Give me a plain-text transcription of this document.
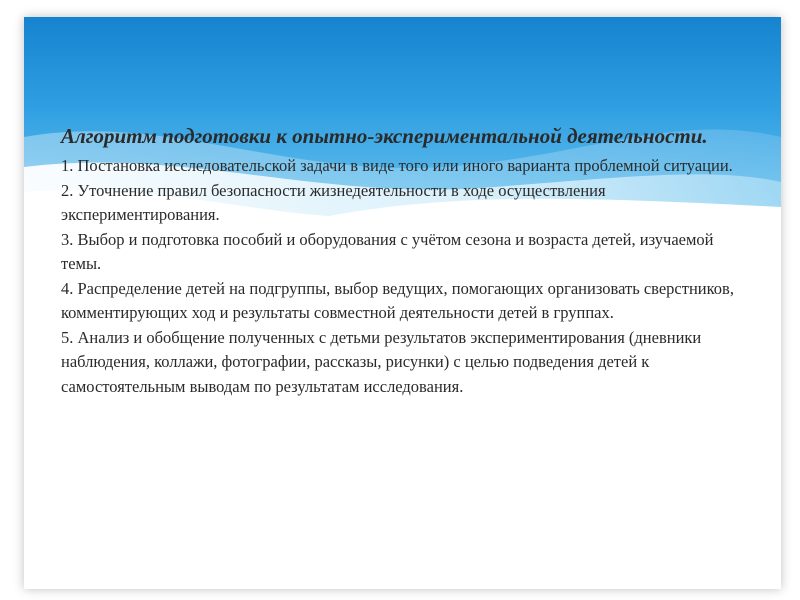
Алгоритм подготовки к опытно-экспериментальной деятельности.

1. Постановка исследовательской задачи в виде того или иного варианта проблемной ситуации.

2. Уточнение правил безопасности жизнедеятельности в ходе осуществления экспериментирования.

3. Выбор и подготовка пособий и оборудования с учётом сезона и возраста детей, изучаемой темы.

4. Распределение детей на подгруппы, выбор ведущих, помогающих организовать сверстников, комментирующих ход и результаты совместной деятельности детей в группах.

5. Анализ и обобщение полученных с детьми результатов экспериментирования (дневники наблюдения, коллажи, фотографии, рассказы, рисунки) с целью подведения детей к самостоятельным выводам по результатам исследования.
